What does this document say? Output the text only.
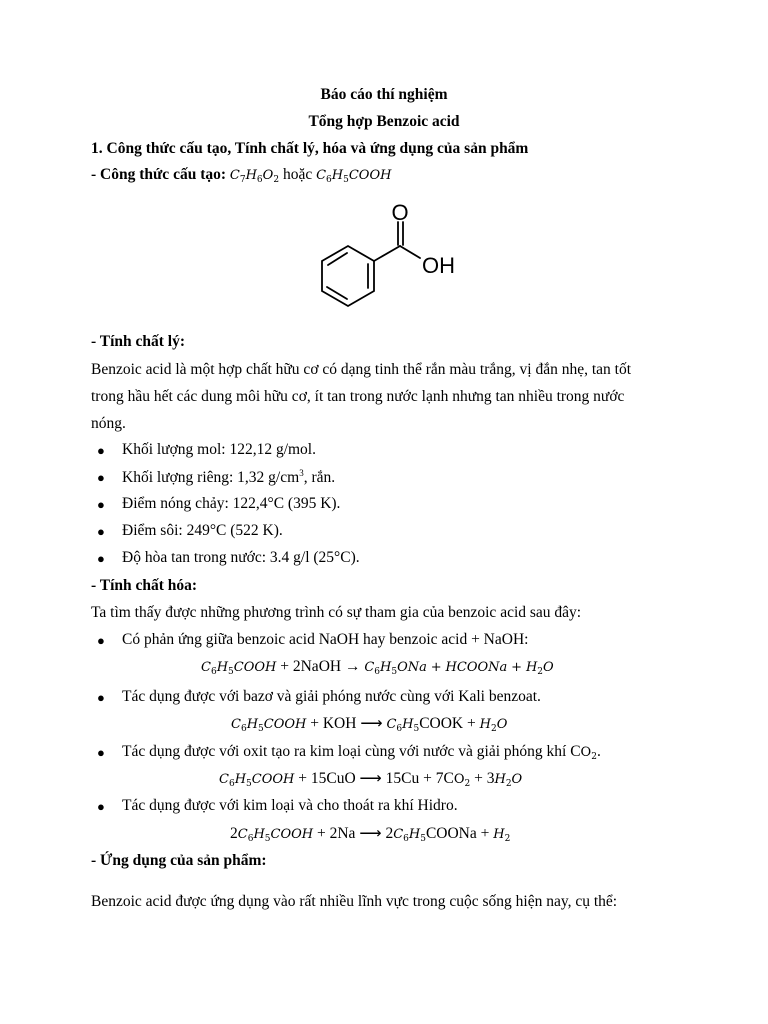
Báo cáo thí nghiệm
Tổng hợp Benzoic acid
1. Công thức cấu tạo, Tính chất lý, hóa và ứng dụng của sản phẩm
- Công thức cấu tạo: $C_7H_6O_2$ hoặc $C_6H_5COOH$
O
OH
- Tính chất lý:
Benzoic acid là một hợp chất hữu cơ có dạng tinh thể rắn màu trắng, vị đắn nhẹ, tan tốt
trong hầu hết các dung môi hữu cơ, ít tan trong nước lạnh nhưng tan nhiều trong nước
nóng.
● Khối lượng mol: 122,12 g/mol.
● Khối lượng riêng: 1,32 $g/cm^3$, rắn.
● Điểm nóng chảy: 122,4°C (395 K).
● Điểm sôi: 249°C (522 K).
● Độ hòa tan trong nước: 3.4 g/l (25°C).
- Tính chất hóa:
Ta tìm thấy được những phương trình có sự tham gia của benzoic acid sau đây:
● Có phản ứng giữa benzoic acid NaOH hay benzoic acid + NaOH:
$C_6H_5COOH$ + 2NaOH → $C_6H_5ONa$ + HCOONa + $H_2O$
● Tác dụng được với bazơ và giải phóng nước cùng với Kali benzoat.
$C_6H_5COOH$ + KOH ⟶ $C_6H_5COOK + H_2O$
● Tác dụng được với oxit tạo ra kim loại cùng với nước và giải phóng khí $CO_2$.
$C_6H_5COOH + 15CuO$ ⟶ $15Cu + 7CO_2 + 3H_2O$
● Tác dụng được với kim loại và cho thoát ra khí Hidro.
$2C_6H_5COOH + 2Na$ ⟶ $2C_6H_5COONa + H_2$
- Ứng dụng của sản phẩm:
Benzoic acid được ứng dụng vào rất nhiều lĩnh vực trong cuộc sống hiện nay, cụ thể:
